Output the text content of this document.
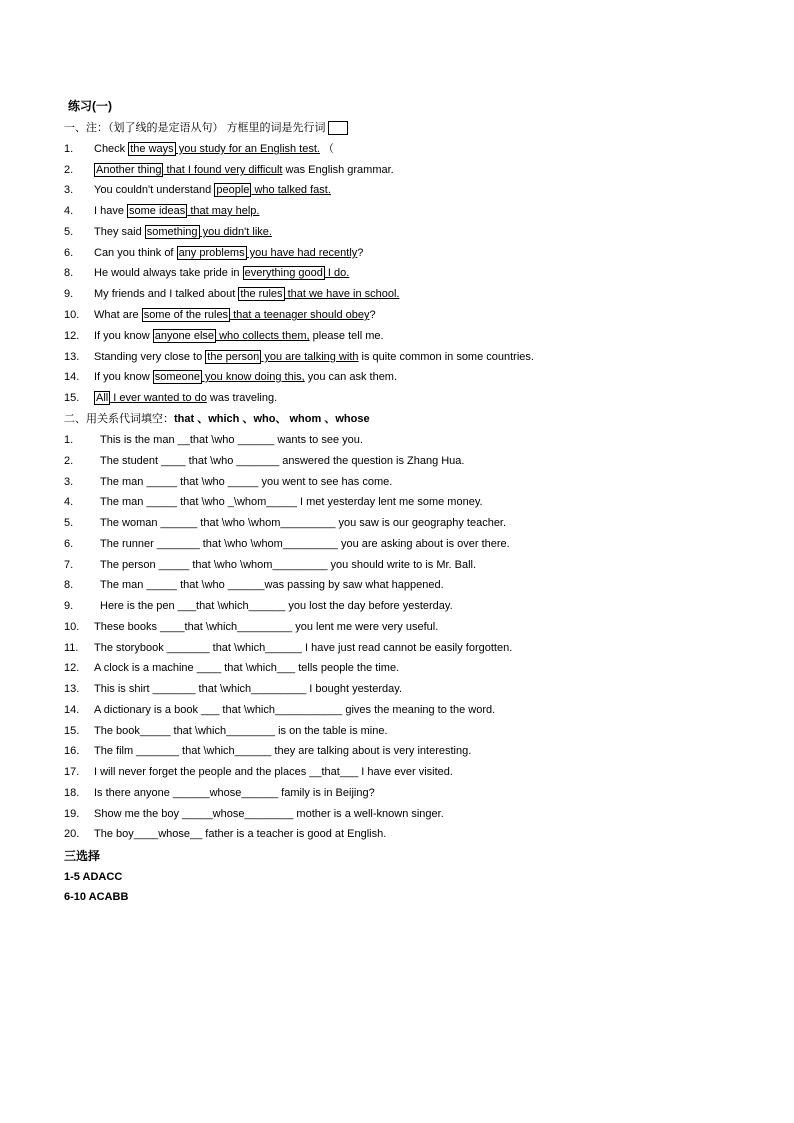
练习(一)
一、注：（划了线的是定语从句） 方框里的词是先行词
1. Check the ways you study for an English test. （
2. Another thing that I found very difficult was English grammar.
3. You couldn't understand people who talked fast.
4. I have some ideas that may help.
5. They said something you didn't like.
6. Can you think of any problems you have had recently?
8. He would always take pride in everything good I do.
9. My friends and I talked about the rules that we have in school.
10. What are some of the rules that a teenager should obey?
12. If you know anyone else who collects them, please tell me.
13. Standing very close to the person you are talking with is quite common in some countries.
14. If you know someone you know doing this, you can ask them.
15. All I ever wanted to do was traveling.
二、用关系代词填空：that 、which 、who、 whom 、whose
1. This is the man __that \who ______ wants to see you.
2. The student ____ that \who _______ answered the question is Zhang Hua.
3. The man _____ that \who _____ you went to see has come.
4. The man _____ that \who _\whom_____ I met yesterday lent me some money.
5. The woman ______ that \who \whom_________ you saw is our geography teacher.
6. The runner _______ that \who \whom_________ you are asking about is over there.
7. The person _____ that \who \whom_________ you should write to is Mr. Ball.
8. The man _____ that \who ______was passing by saw what happened.
9. Here is the pen ___that \which______ you lost the day before yesterday.
10. These books ____that \which_________ you lent me were very useful.
11. The storybook _______ that \which______ I have just read cannot be easily forgotten.
12. A clock is a machine ____ that \which___ tells people the time.
13. This is shirt _______ that \which_________ I bought yesterday.
14. A dictionary is a book ___ that \which___________ gives the meaning to the word.
15. The book_____ that \which________ is on the table is mine.
16. The film _______ that \which______ they are talking about is very interesting.
17. I will never forget the people and the places __that___ I have ever visited.
18. Is there anyone ______whose______ family is in Beijing?
19. Show me the boy _____whose________ mother is a well-known singer.
20. The boy____whose__ father is a teacher is good at English.
三选择
1-5 ADACC
6-10 ACABB
